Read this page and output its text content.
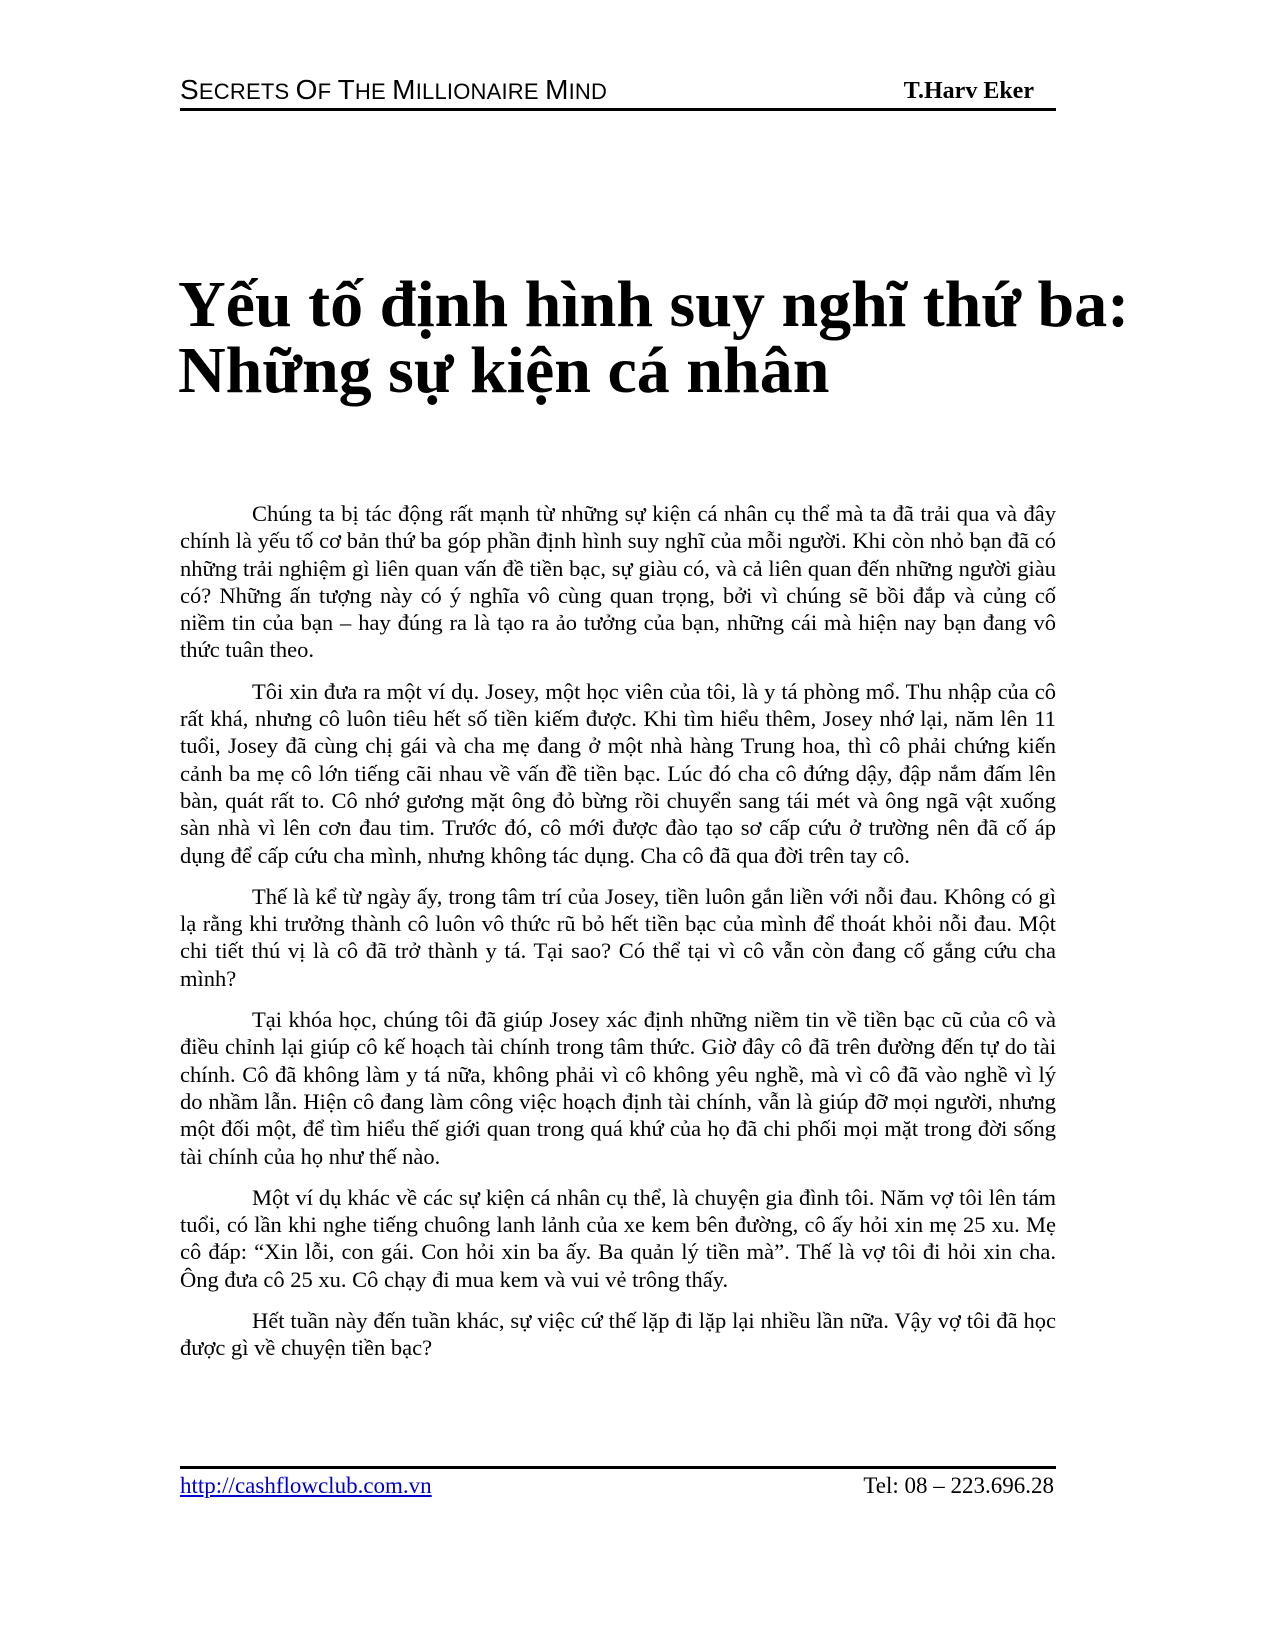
SECRETS OF THE MILLIONAIRE MIND	T.Harv Eker
Yếu tố định hình suy nghĩ thứ ba:
Những sự kiện cá nhân

Chúng ta bị tác động rất mạnh từ những sự kiện cá nhân cụ thể mà ta đã trải qua và đây chính là yếu tố cơ bản thứ ba góp phần định hình suy nghĩ của mỗi người. Khi còn nhỏ bạn đã có những trải nghiệm gì liên quan vấn đề tiền bạc, sự giàu có, và cả liên quan đến những người giàu có? Những ấn tượng này có ý nghĩa vô cùng quan trọng, bởi vì chúng sẽ bồi đắp và củng cố niềm tin của bạn – hay đúng ra là tạo ra ảo tưởng của bạn, những cái mà hiện nay bạn đang vô thức tuân theo.

Tôi xin đưa ra một ví dụ. Josey, một học viên của tôi, là y tá phòng mổ. Thu nhập của cô rất khá, nhưng cô luôn tiêu hết số tiền kiếm được. Khi tìm hiểu thêm, Josey nhớ lại, năm lên 11 tuổi, Josey đã cùng chị gái và cha mẹ đang ở một nhà hàng Trung hoa, thì cô phải chứng kiến cảnh ba mẹ cô lớn tiếng cãi nhau về vấn đề tiền bạc. Lúc đó cha cô đứng dậy, đập nắm đấm lên bàn, quát rất to. Cô nhớ gương mặt ông đỏ bừng rồi chuyển sang tái mét và ông ngã vật xuống sàn nhà vì lên cơn đau tim. Trước đó, cô mới được đào tạo sơ cấp cứu ở trường nên đã cố áp dụng để cấp cứu cha mình, nhưng không tác dụng. Cha cô đã qua đời trên tay cô.

Thế là kể từ ngày ấy, trong tâm trí của Josey, tiền luôn gắn liền với nỗi đau. Không có gì lạ rằng khi trưởng thành cô luôn vô thức rũ bỏ hết tiền bạc của mình để thoát khỏi nỗi đau. Một chi tiết thú vị là cô đã trở thành y tá. Tại sao? Có thể tại vì cô vẫn còn đang cố gắng cứu cha mình?

Tại khóa học, chúng tôi đã giúp Josey xác định những niềm tin về tiền bạc cũ của cô và điều chỉnh lại giúp cô kế hoạch tài chính trong tâm thức. Giờ đây cô đã trên đường đến tự do tài chính. Cô đã không làm y tá nữa, không phải vì cô không yêu nghề, mà vì cô đã vào nghề vì lý do nhầm lẫn. Hiện cô đang làm công việc hoạch định tài chính, vẫn là giúp đỡ mọi người, nhưng một đối một, để tìm hiểu thế giới quan trong quá khứ của họ đã chi phối mọi mặt trong đời sống tài chính của họ như thế nào.

Một ví dụ khác về các sự kiện cá nhân cụ thể, là chuyện gia đình tôi. Năm vợ tôi lên tám tuổi, có lần khi nghe tiếng chuông lanh lảnh của xe kem bên đường, cô ấy hỏi xin mẹ 25 xu. Mẹ cô đáp: “Xin lỗi, con gái. Con hỏi xin ba ấy. Ba quản lý tiền mà”. Thế là vợ tôi đi hỏi xin cha. Ông đưa cô 25 xu. Cô chạy đi mua kem và vui vẻ trông thấy.

Hết tuần này đến tuần khác, sự việc cứ thế lặp đi lặp lại nhiều lần nữa. Vậy vợ tôi đã học được gì về chuyện tiền bạc?

http://cashflowclub.com.vn	Tel: 08 – 223.696.28
